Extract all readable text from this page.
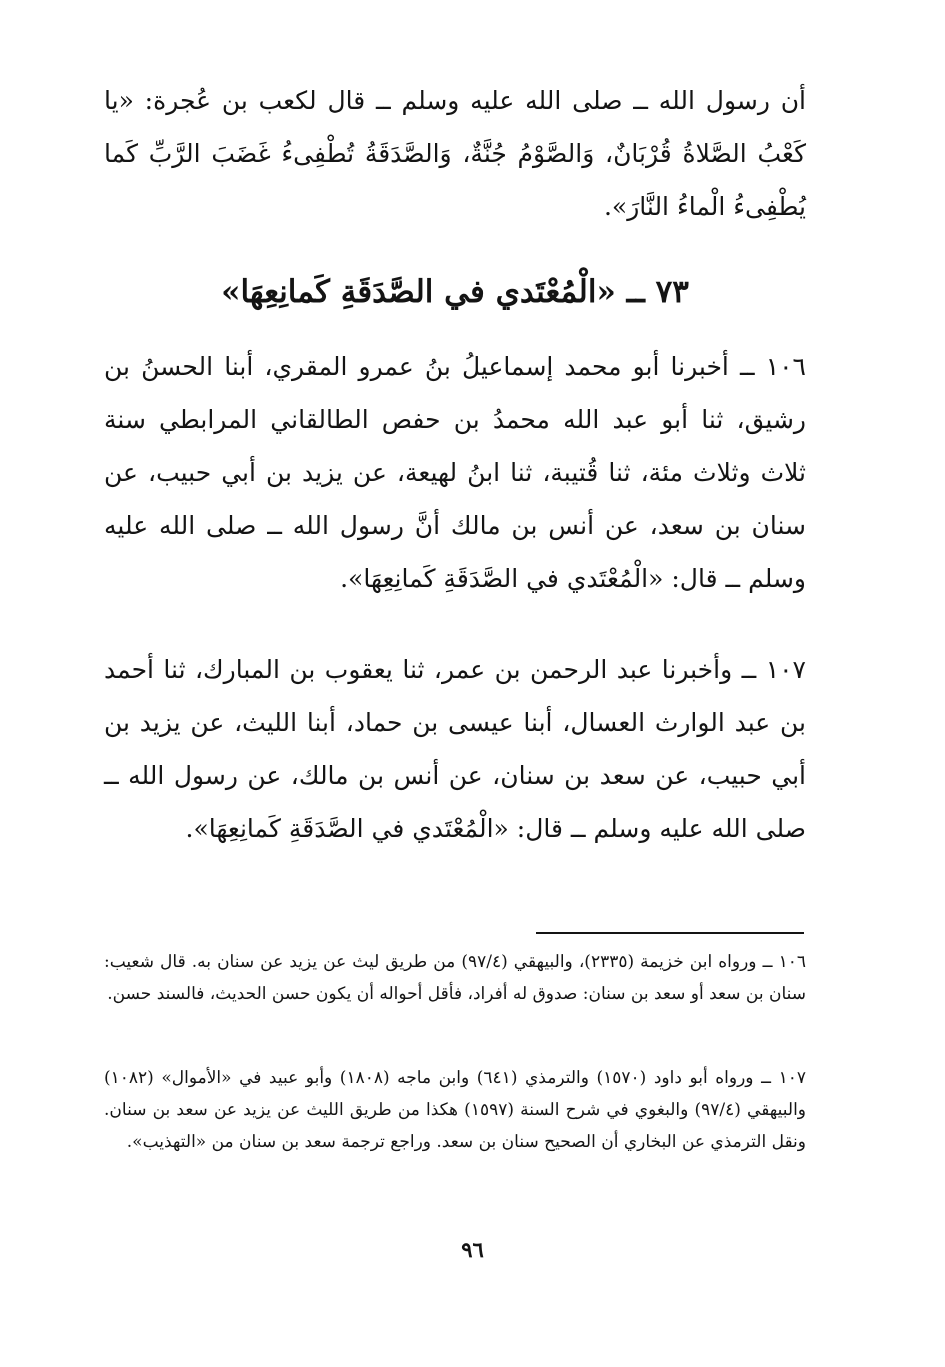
أن رسول الله ــ صلى الله عليه وسلم ــ قال لكعب بن عُجرة: «يا كَعْبُ الصَّلاةُ قُرْبَانٌ، وَالصَّوْمُ جُنَّةٌ، وَالصَّدَقَةُ تُطْفِىءُ غَضَبَ الرَّبِّ كَما يُطْفِىءُ الْماءُ النَّارَ».

٧٣ ــ «الْمُعْتَدي في الصَّدَقَةِ كَمانِعِهَا»

١٠٦ ــ أخبرنا أبو محمد إسماعيلُ بنُ عمرو المقري، أبنا الحسنُ بن رشيق، ثنا أبو عبد الله محمدُ بن حفص الطالقاني المرابطي سنة ثلاث وثلاث مئة، ثنا قُتيبة، ثنا ابنُ لهيعة، عن يزيد بن أبي حبيب، عن سنان بن سعد، عن أنس بن مالك أنَّ رسول الله ــ صلى الله عليه وسلم ــ قال: «الْمُعْتَدي في الصَّدَقَةِ كَمانِعِهَا».

١٠٧ ــ وأخبرنا عبد الرحمن بن عمر، ثنا يعقوب بن المبارك، ثنا أحمد بن عبد الوارث العسال، أبنا عيسى بن حماد، أبنا الليث، عن يزيد بن أبي حبيب، عن سعد بن سنان، عن أنس بن مالك، عن رسول الله ــ صلى الله عليه وسلم ــ قال: «الْمُعْتَدي في الصَّدَقَةِ كَمانِعِهَا».

١٠٦ ــ ورواه ابن خزيمة (٢٣٣٥)، والبيهقي (٩٧/٤) من طريق ليث عن يزيد عن سنان به. قال شعيب: سنان بن سعد أو سعد بن سنان: صدوق له أفراد، فأقل أحواله أن يكون حسن الحديث، فالسند حسن.

١٠٧ ــ ورواه أبو داود (١٥٧٠) والترمذي (٦٤١) وابن ماجه (١٨٠٨) وأبو عبيد في «الأموال» (١٠٨٢) والبيهقي (٩٧/٤) والبغوي في شرح السنة (١٥٩٧) هكذا من طريق الليث عن يزيد عن سعد بن سنان. ونقل الترمذي عن البخاري أن الصحيح سنان بن سعد. وراجع ترجمة سعد بن سنان من «التهذيب».

٩٦
